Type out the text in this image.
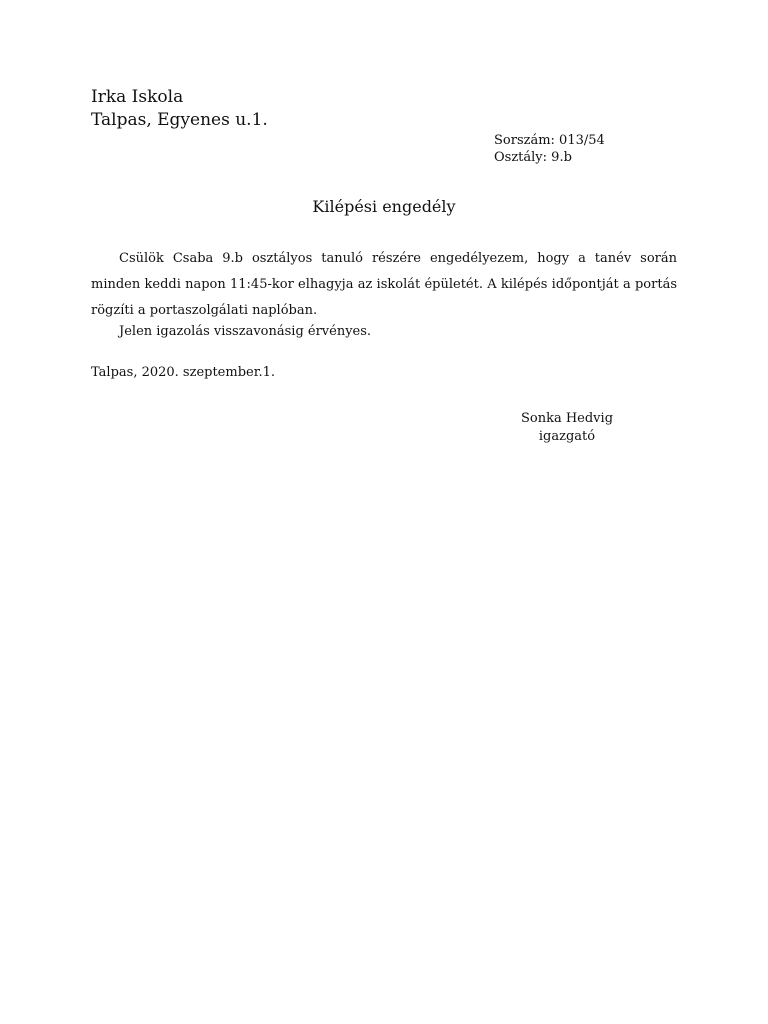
Irka Iskola
Talpas, Egyenes u.1.
Sorszám: 013/54
Osztály: 9.b
Kilépési engedély

Csülök Csaba 9.b osztályos tanuló részére engedélyezem, hogy a tanév során minden keddi napon 11:45-kor elhagyja az iskolát épületét. A kilépés időpontját a portás rögzíti a portaszolgálati naplóban.

Jelen igazolás visszavonásig érvényes.

Talpas, 2020. szeptember.1.
Sonka Hedvig
igazgató
